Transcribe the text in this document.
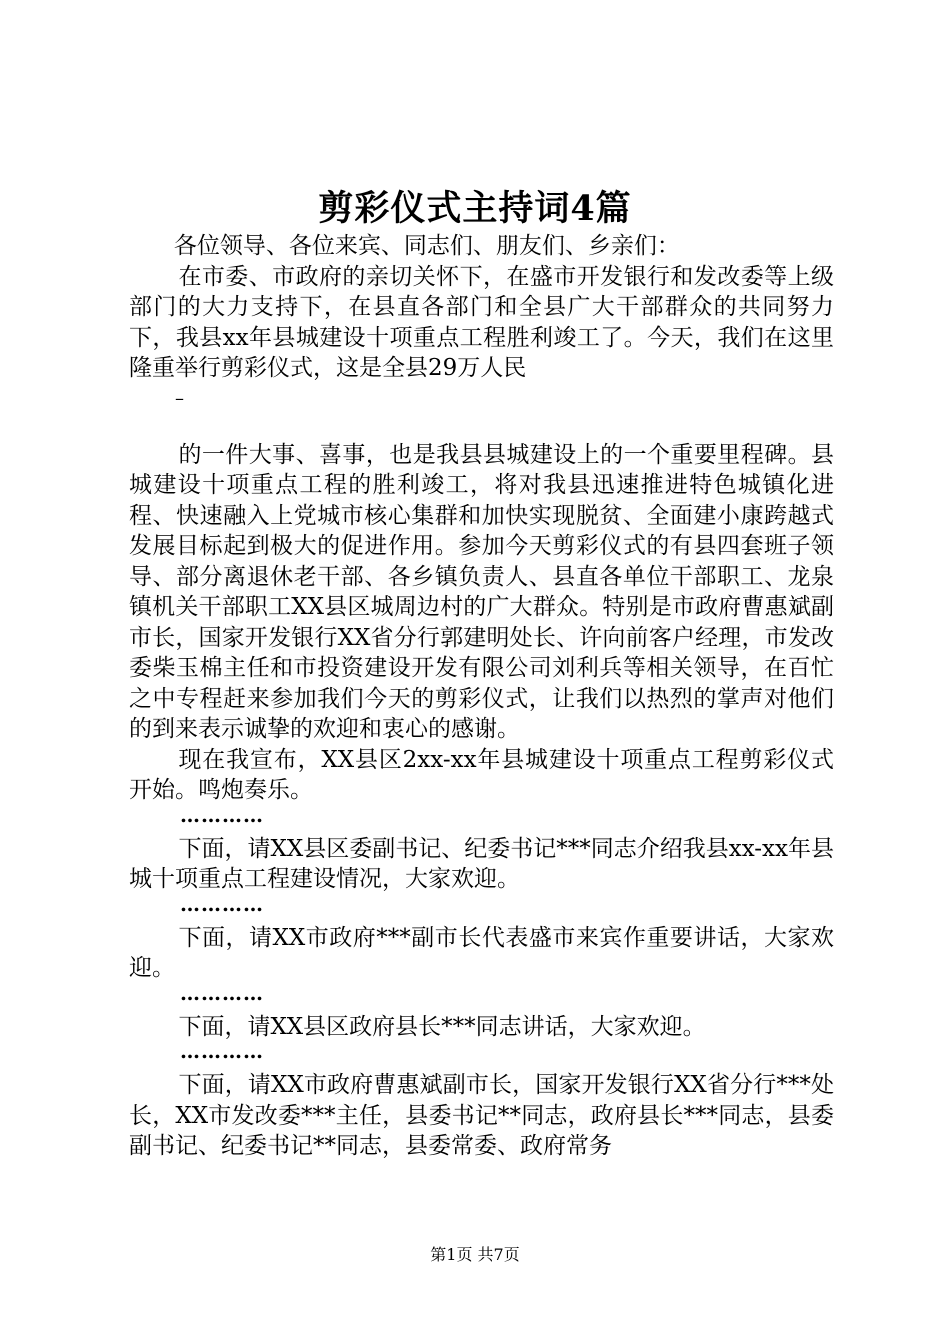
剪彩仪式主持词4篇

各位领导、各位来宾、同志们、朋友们、乡亲们：

在市委、市政府的亲切关怀下，在盛市开发银行和发改委等上级部门的大力支持下，在县直各部门和全县广大干部群众的共同努力下，我县xx年县城建设十项重点工程胜利竣工了。今天，我们在这里隆重举行剪彩仪式，这是全县29万人民

–

的一件大事、喜事，也是我县县城建设上的一个重要里程碑。县城建设十项重点工程的胜利竣工，将对我县迅速推进特色城镇化进程、快速融入上党城市核心集群和加快实现脱贫、全面建小康跨越式发展目标起到极大的促进作用。参加今天剪彩仪式的有县四套班子领导、部分离退休老干部、各乡镇负责人、县直各单位干部职工、龙泉镇机关干部职工XX县区城周边村的广大群众。特别是市政府曹惠斌副市长，国家开发银行XX省分行郭建明处长、许向前客户经理，市发改委柴玉棉主任和市投资建设开发有限公司刘利兵等相关领导，在百忙之中专程赶来参加我们今天的剪彩仪式，让我们以热烈的掌声对他们的到来表示诚挚的欢迎和衷心的感谢。

现在我宣布，XX县区2xx-xx年县城建设十项重点工程剪彩仪式开始。鸣炮奏乐。

…………

下面，请XX县区委副书记、纪委书记***同志介绍我县xx-xx年县城十项重点工程建设情况，大家欢迎。

…………

下面，请XX市政府***副市长代表盛市来宾作重要讲话，大家欢迎。

…………

下面，请XX县区政府县长***同志讲话，大家欢迎。

…………

下面，请XX市政府曹惠斌副市长，国家开发银行XX省分行***处长，XX市发改委***主任，县委书记**同志，政府县长***同志，县委副书记、纪委书记**同志，县委常委、政府常务

第1页 共7页
